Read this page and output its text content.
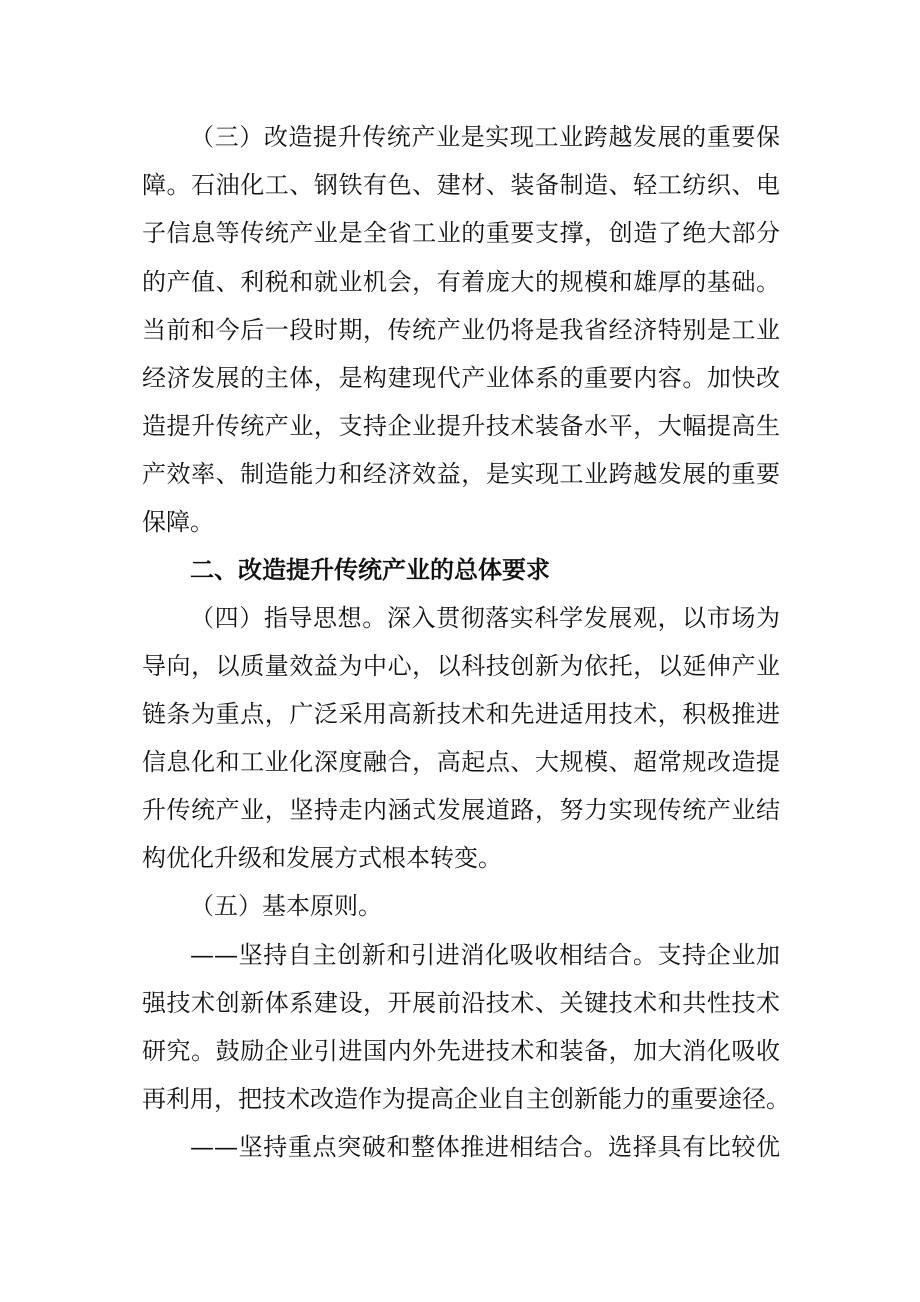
（三）改造提升传统产业是实现工业跨越发展的重要保
障。石油化工、钢铁有色、建材、装备制造、轻工纺织、电
子信息等传统产业是全省工业的重要支撑，创造了绝大部分
的产值、利税和就业机会，有着庞大的规模和雄厚的基础。
当前和今后一段时期，传统产业仍将是我省经济特别是工业
经济发展的主体，是构建现代产业体系的重要内容。加快改
造提升传统产业，支持企业提升技术装备水平，大幅提高生
产效率、制造能力和经济效益，是实现工业跨越发展的重要
保障。
二、改造提升传统产业的总体要求
（四）指导思想。深入贯彻落实科学发展观，以市场为
导向，以质量效益为中心，以科技创新为依托，以延伸产业
链条为重点，广泛采用高新技术和先进适用技术，积极推进
信息化和工业化深度融合，高起点、大规模、超常规改造提
升传统产业，坚持走内涵式发展道路，努力实现传统产业结
构优化升级和发展方式根本转变。
（五）基本原则。
——坚持自主创新和引进消化吸收相结合。支持企业加
强技术创新体系建设，开展前沿技术、关键技术和共性技术
研究。鼓励企业引进国内外先进技术和装备，加大消化吸收
再利用，把技术改造作为提高企业自主创新能力的重要途径。
——坚持重点突破和整体推进相结合。选择具有比较优
